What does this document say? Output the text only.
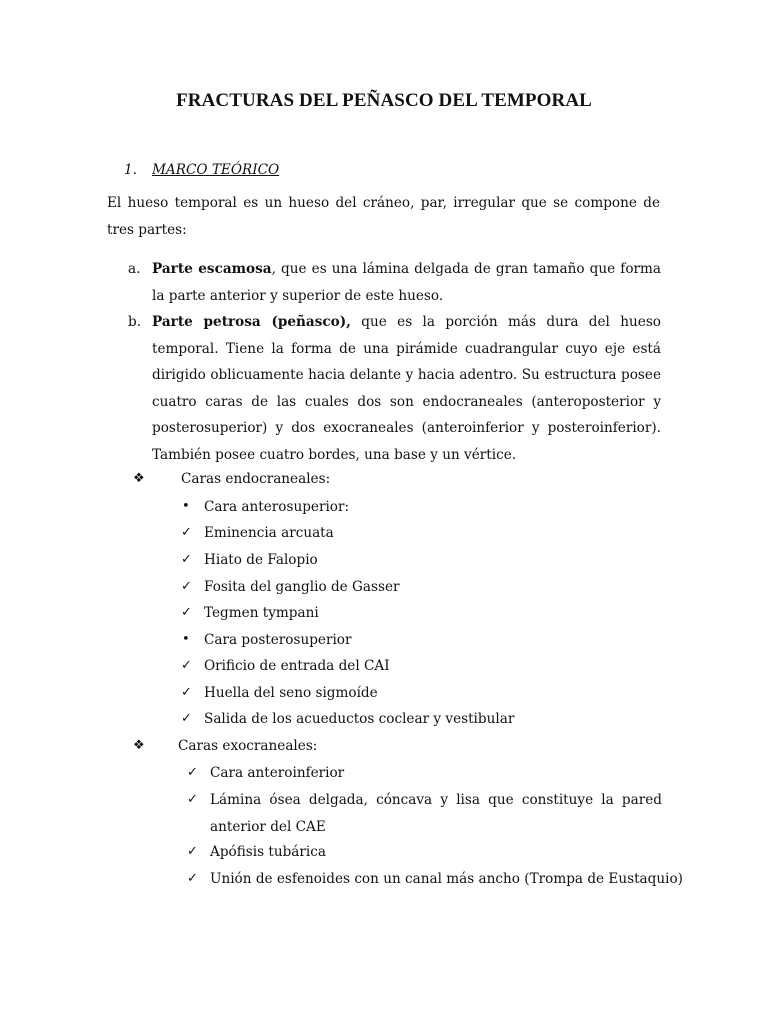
FRACTURAS DEL PEÑASCO DEL TEMPORAL
1. MARCO TEÓRICO
El hueso temporal es un hueso del cráneo, par, irregular que se compone de tres partes:
a. Parte escamosa, que es una lámina delgada de gran tamaño que forma la parte anterior y superior de este hueso.
b. Parte petrosa (peñasco), que es la porción más dura del hueso temporal. Tiene la forma de una pirámide cuadrangular cuyo eje está dirigido oblicuamente hacia delante y hacia adentro. Su estructura posee cuatro caras de las cuales dos son endocraneales (anteroposterior y posterosuperior) y dos exocraneales (anteroinferior y posteroinferior). También posee cuatro bordes, una base y un vértice.
❖	Caras endocraneales:
• Cara anterosuperior:
✓ Eminencia arcuata
✓ Hiato de Falopio
✓ Fosita del ganglio de Gasser
✓ Tegmen tympani
• Cara posterosuperior
✓ Orificio de entrada del CAI
✓ Huella del seno sigmoíde
✓ Salida de los acueductos coclear y vestibular
❖ Caras exocraneales:
✓ Cara anteroinferior
✓ Lámina ósea delgada, cóncava y lisa que constituye la pared anterior del CAE
✓ Apófisis tubárica
✓ Unión de esfenoides con un canal más ancho (Trompa de Eustaquio)
